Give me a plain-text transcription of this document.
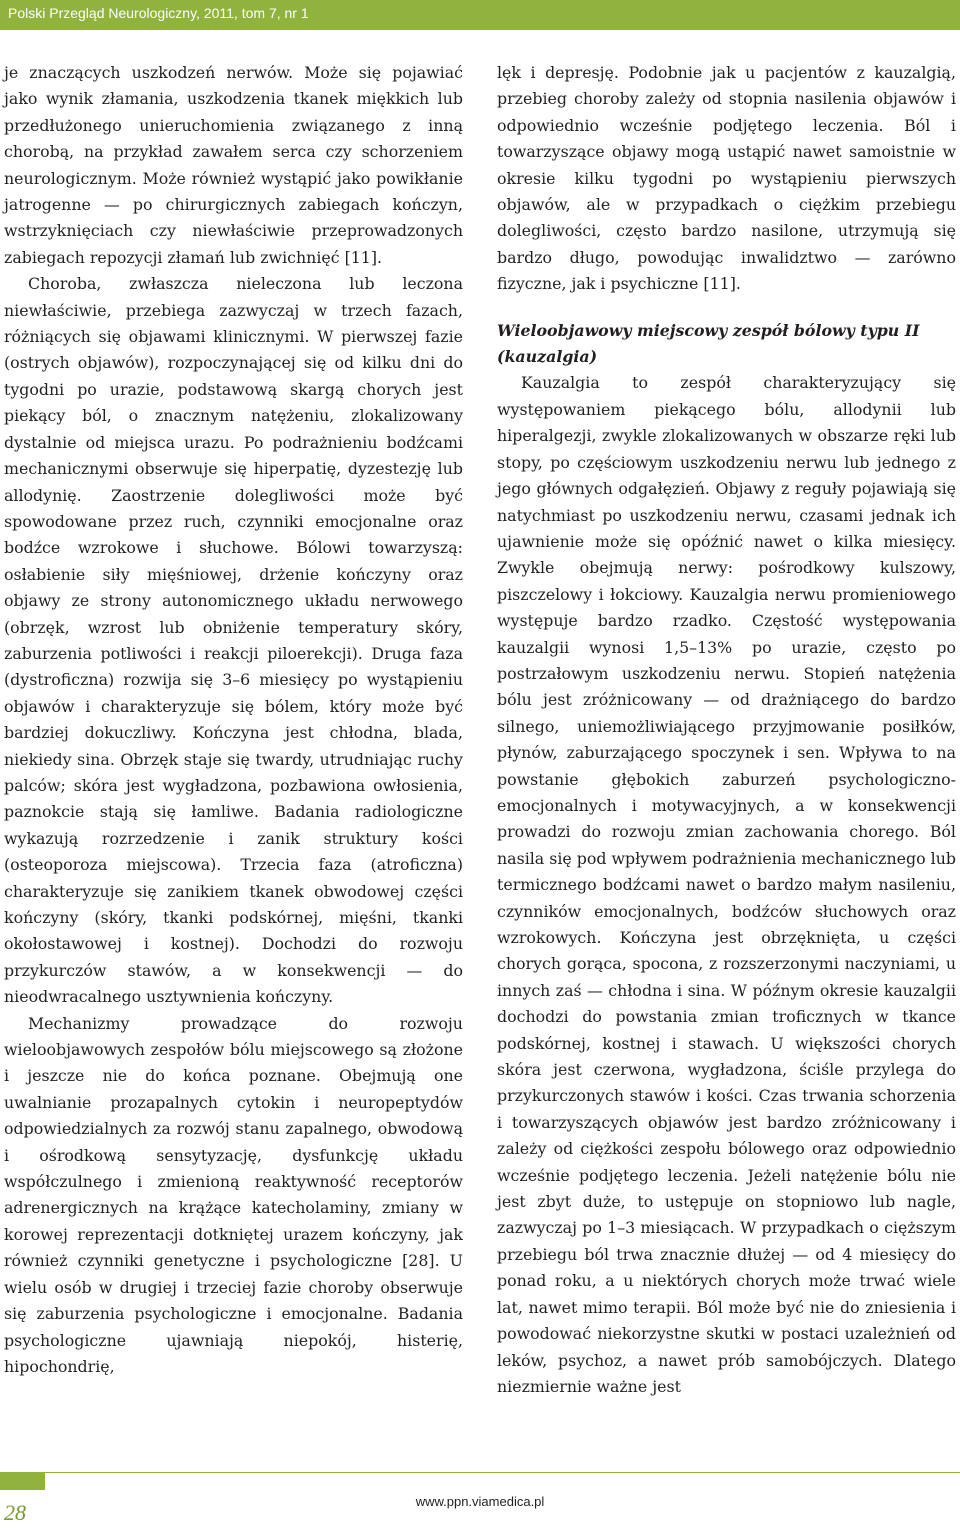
Polski Przegląd Neurologiczny, 2011, tom 7, nr 1

je znaczących uszkodzeń nerwów. Może się pojawiać jako wynik złamania, uszkodzenia tkanek miękkich lub przedłużonego unieruchomienia związanego z inną chorobą, na przykład zawałem serca czy schorzeniem neurologicznym. Może również wystąpić jako powikłanie jatrogenne — po chirurgicznych zabiegach kończyn, wstrzyknięciach czy niewłaściwie przeprowadzonych zabiegach repozycji złamań lub zwichnięć [11].

Choroba, zwłaszcza nieleczona lub leczona niewłaściwie, przebiega zazwyczaj w trzech fazach, różniących się objawami klinicznymi. W pierwszej fazie (ostrych objawów), rozpoczynającej się od kilku dni do tygodni po urazie, podstawową skargą chorych jest piekący ból, o znacznym natężeniu, zlokalizowany dystalnie od miejsca urazu. Po podrażnieniu bodźcami mechanicznymi obserwuje się hiperpatię, dyzestezję lub allodynię. Zaostrzenie dolegliwości może być spowodowane przez ruch, czynniki emocjonalne oraz bodźce wzrokowe i słuchowe. Bólowi towarzyszą: osłabienie siły mięśniowej, drżenie kończyny oraz objawy ze strony autonomicznego układu nerwowego (obrzęk, wzrost lub obniżenie temperatury skóry, zaburzenia potliwości i reakcji piloerekcji). Druga faza (dystroficzna) rozwija się 3–6 miesięcy po wystąpieniu objawów i charakteryzuje się bólem, który może być bardziej dokuczliwy. Kończyna jest chłodna, blada, niekiedy sina. Obrzęk staje się twardy, utrudniając ruchy palców; skóra jest wygładzona, pozbawiona owłosienia, paznokcie stają się łamliwe. Badania radiologiczne wykazują rozrzedzenie i zanik struktury kości (osteoporoza miejscowa). Trzecia faza (atroficzna) charakteryzuje się zanikiem tkanek obwodowej części kończyny (skóry, tkanki podskórnej, mięśni, tkanki okołostawowej i kostnej). Dochodzi do rozwoju przykurczów stawów, a w konsekwencji — do nieodwracalnego usztywnienia kończyny.

Mechanizmy prowadzące do rozwoju wieloobjawowych zespołów bólu miejscowego są złożone i jeszcze nie do końca poznane. Obejmują one uwalnianie prozapalnych cytokin i neuropeptydów odpowiedzialnych za rozwój stanu zapalnego, obwodową i ośrodkową sensytyzację, dysfunkcję układu współczulnego i zmienioną reaktywność receptorów adrenergicznych na krążące katecholaminy, zmiany w korowej reprezentacji dotkniętej urazem kończyny, jak również czynniki genetyczne i psychologiczne [28]. U wielu osób w drugiej i trzeciej fazie choroby obserwuje się zaburzenia psychologiczne i emocjonalne. Badania psychologiczne ujawniają niepokój, histerię, hipochondrię,

lęk i depresję. Podobnie jak u pacjentów z kauzalgią, przebieg choroby zależy od stopnia nasilenia objawów i odpowiednio wcześnie podjętego leczenia. Ból i towarzyszące objawy mogą ustąpić nawet samoistnie w okresie kilku tygodni po wystąpieniu pierwszych objawów, ale w przypadkach o ciężkim przebiegu dolegliwości, często bardzo nasilone, utrzymują się bardzo długo, powodując inwalidztwo — zarówno fizyczne, jak i psychiczne [11].

Wieloobjawowy miejscowy zespół bólowy typu II (kauzalgia)

Kauzalgia to zespół charakteryzujący się występowaniem piekącego bólu, allodynii lub hiperalgezji, zwykle zlokalizowanych w obszarze ręki lub stopy, po częściowym uszkodzeniu nerwu lub jednego z jego głównych odgałęzień. Objawy z reguły pojawiają się natychmiast po uszkodzeniu nerwu, czasami jednak ich ujawnienie może się opóźnić nawet o kilka miesięcy. Zwykle obejmują nerwy: pośrodkowy kulszowy, piszczelowy i łokciowy. Kauzalgia nerwu promieniowego występuje bardzo rzadko. Częstość występowania kauzalgii wynosi 1,5–13% po urazie, często po postrzałowym uszkodzeniu nerwu. Stopień natężenia bólu jest zróżnicowany — od drażniącego do bardzo silnego, uniemożliwiającego przyjmowanie posiłków, płynów, zaburzającego spoczynek i sen. Wpływa to na powstanie głębokich zaburzeń psychologiczno-emocjonalnych i motywacyjnych, a w konsekwencji prowadzi do rozwoju zmian zachowania chorego. Ból nasila się pod wpływem podrażnienia mechanicznego lub termicznego bodźcami nawet o bardzo małym nasileniu, czynników emocjonalnych, bodźców słuchowych oraz wzrokowych. Kończyna jest obrzęknięta, u części chorych gorąca, spocona, z rozszerzonymi naczyniami, u innych zaś — chłodna i sina. W późnym okresie kauzalgii dochodzi do powstania zmian troficznych w tkance podskórnej, kostnej i stawach. U większości chorych skóra jest czerwona, wygładzona, ściśle przylega do przykurczonych stawów i kości. Czas trwania schorzenia i towarzyszących objawów jest bardzo zróżnicowany i zależy od ciężkości zespołu bólowego oraz odpowiednio wcześnie podjętego leczenia. Jeżeli natężenie bólu nie jest zbyt duże, to ustępuje on stopniowo lub nagle, zazwyczaj po 1–3 miesiącach. W przypadkach o cięższym przebiegu ból trwa znacznie dłużej — od 4 miesięcy do ponad roku, a u niektórych chorych może trwać wiele lat, nawet mimo terapii. Ból może być nie do zniesienia i powodować niekorzystne skutki w postaci uzależnień od leków, psychoz, a nawet prób samobójczych. Dlatego niezmiernie ważne jest

28	www.ppn.viamedica.pl
